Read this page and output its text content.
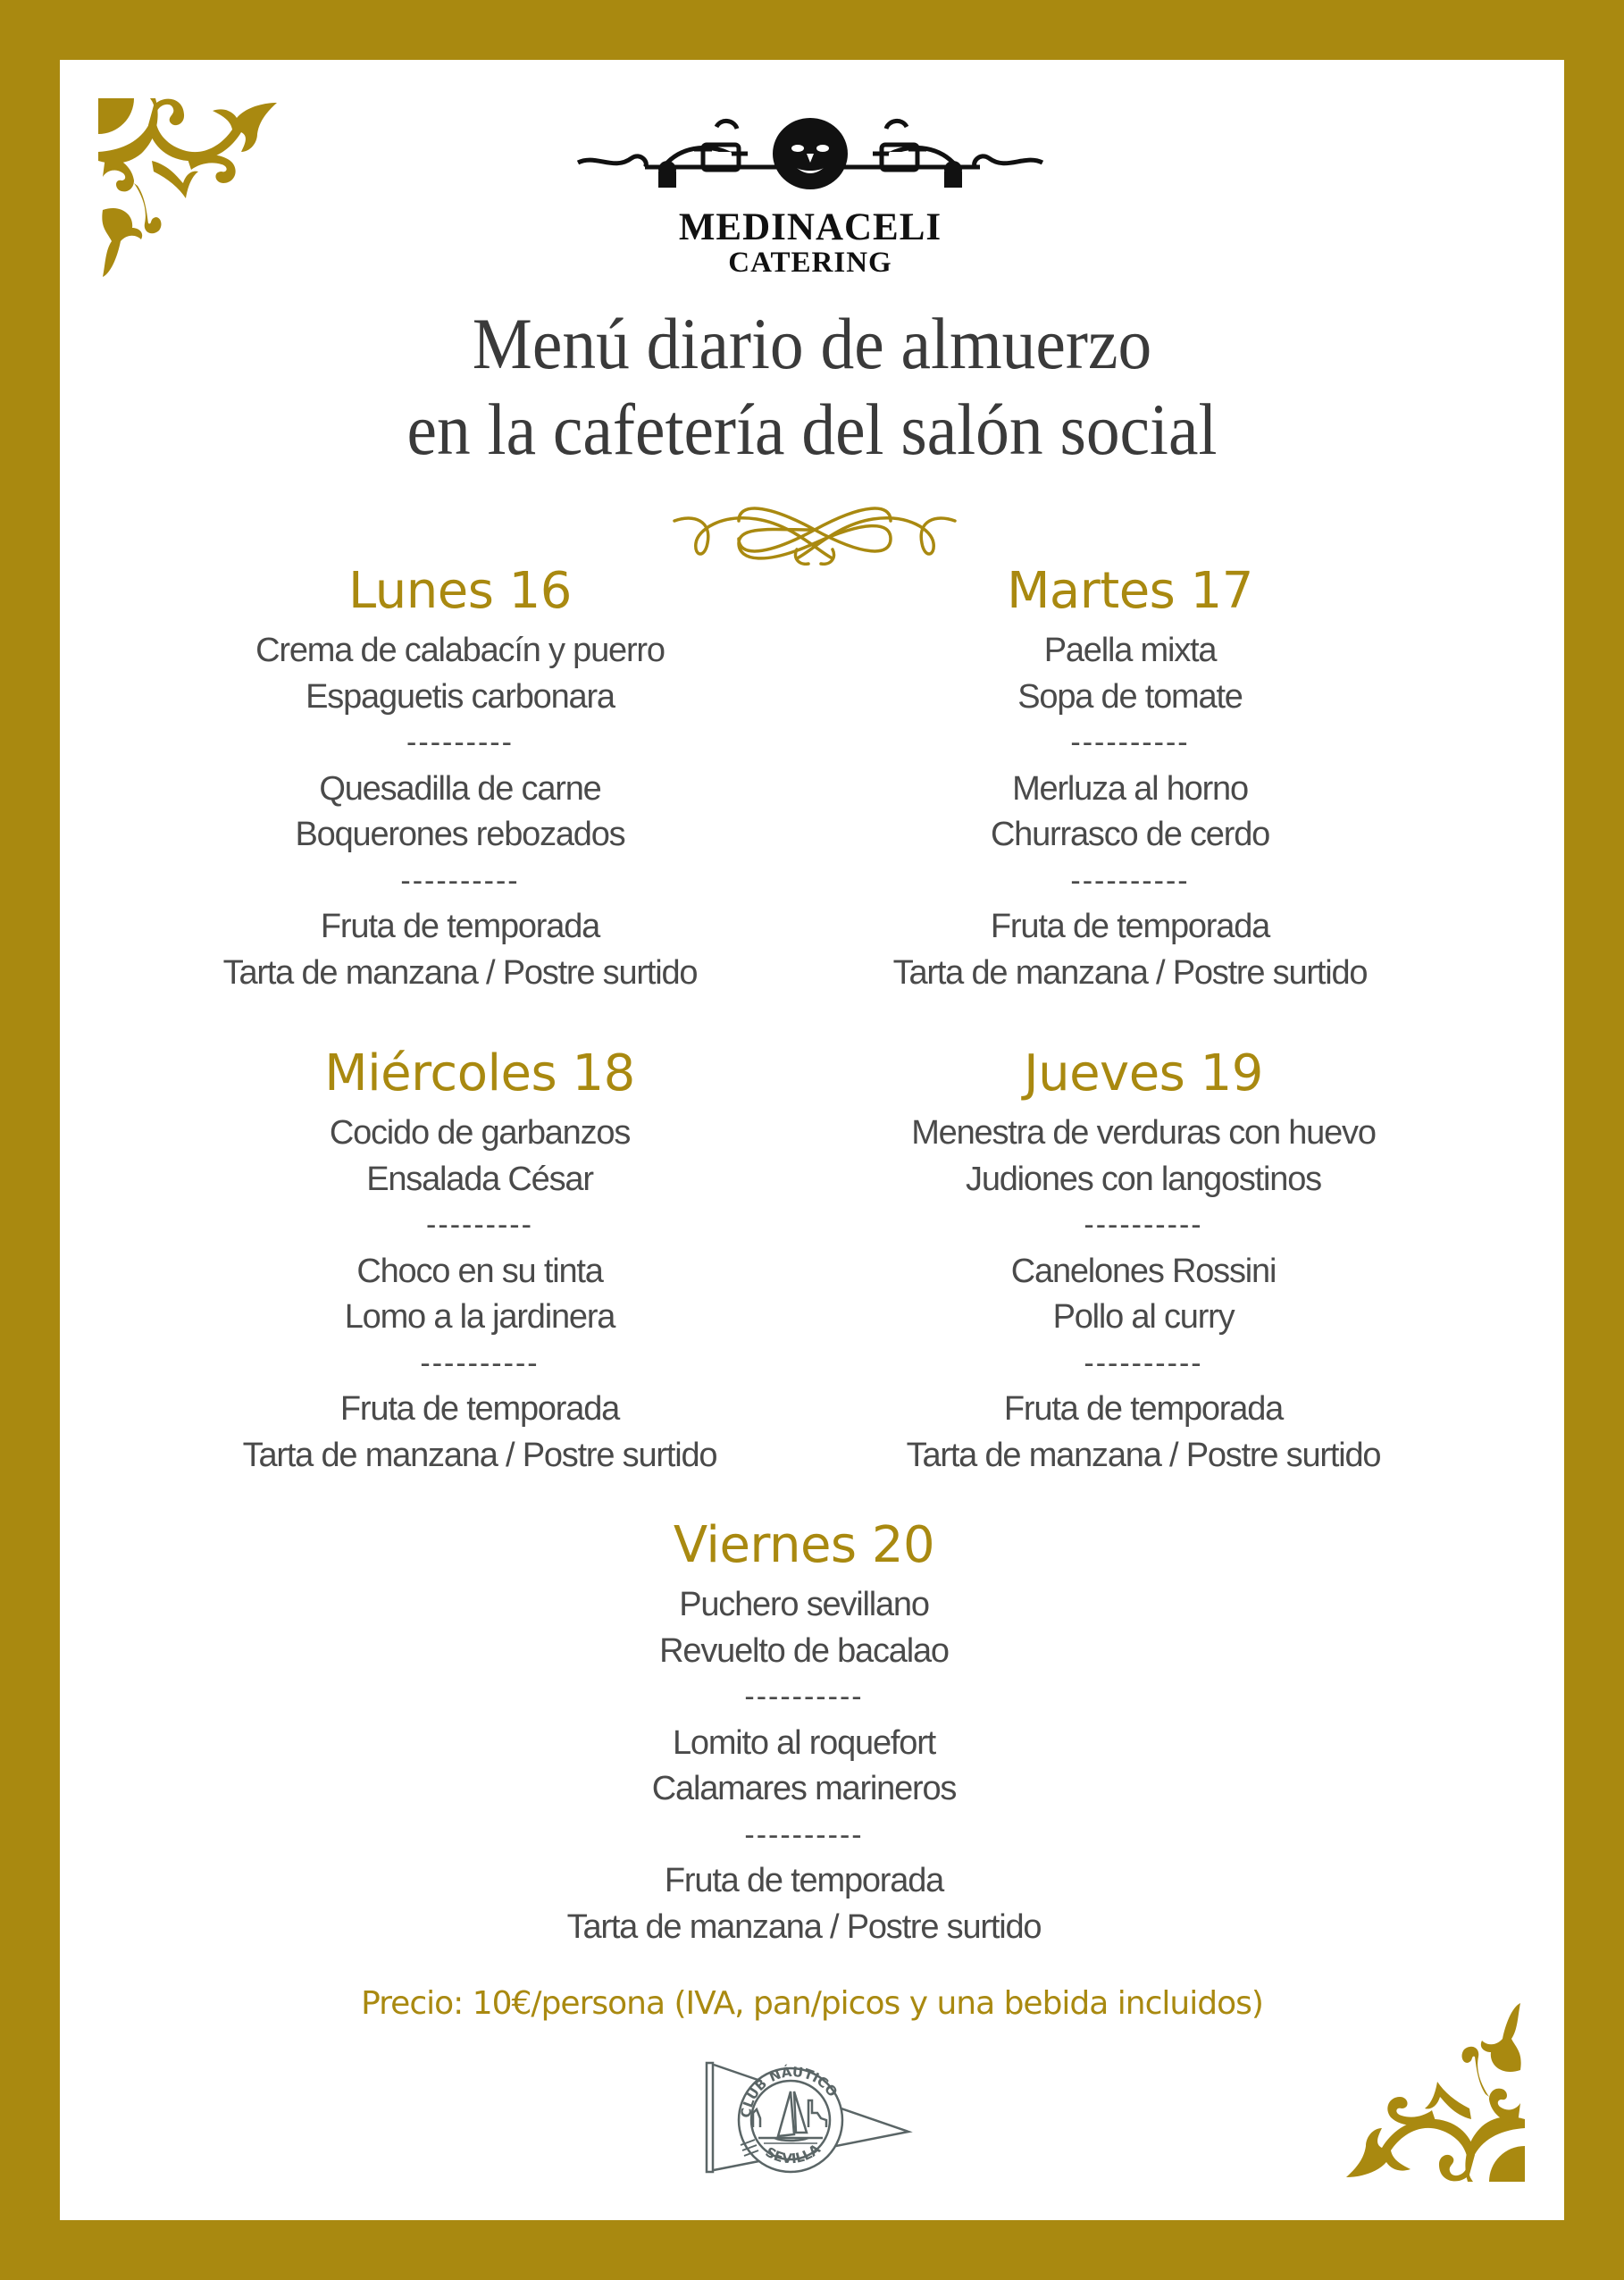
MEDINACELI
CATERING
Menú diario de almuerzo
en la cafetería del salón social
Lunes 16
Crema de calabacín y puerro
Espaguetis carbonara
---------
Quesadilla de carne
Boquerones rebozados
----------
Fruta de temporada
Tarta de manzana / Postre surtido
Martes 17
Paella mixta
Sopa de tomate
----------
Merluza al horno
Churrasco de cerdo
----------
Fruta de temporada
Tarta de manzana / Postre surtido
Miércoles 18
Cocido de garbanzos
Ensalada César
---------
Choco en su tinta
Lomo a la jardinera
----------
Fruta de temporada
Tarta de manzana / Postre surtido
Jueves 19
Menestra de verduras con huevo
Judiones con langostinos
----------
Canelones Rossini
Pollo al curry
----------
Fruta de temporada
Tarta de manzana / Postre surtido
Viernes 20
Puchero sevillano
Revuelto de bacalao
----------
Lomito al roquefort
Calamares marineros
----------
Fruta de temporada
Tarta de manzana / Postre surtido
Precio: 10€/persona (IVA, pan/picos y una bebida incluidos)
CLUB NÁUTICO
SEVILLA
